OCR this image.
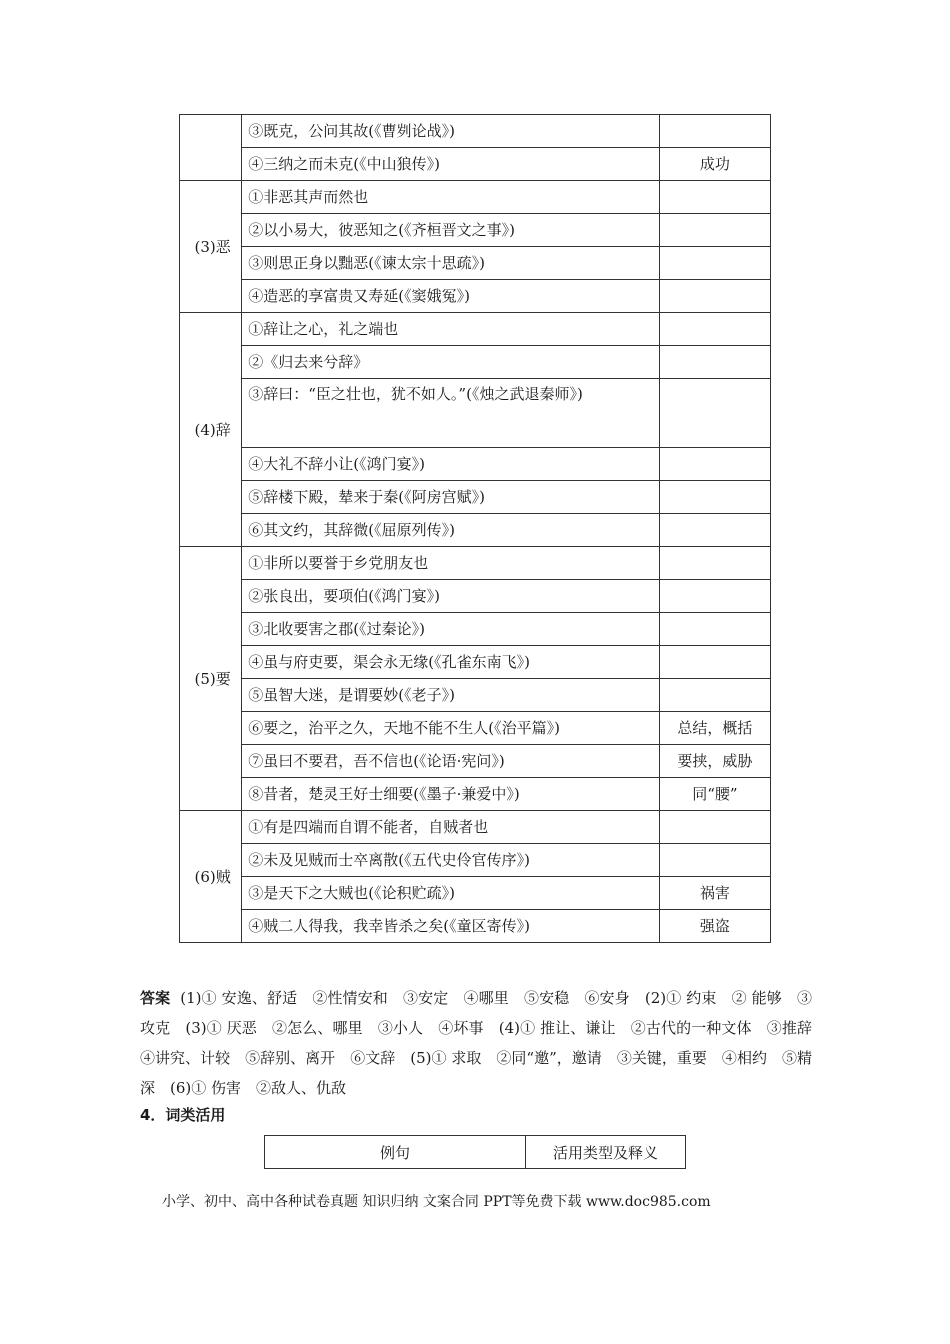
	③既克，公问其故(《曹刿论战》)	
	④三纳之而未克(《中山狼传》)	成功
(3)恶	①非恶其声而然也	
	②以小易大，彼恶知之(《齐桓晋文之事》)	
	③则思正身以黜恶(《谏太宗十思疏》)	
	④造恶的享富贵又寿延(《窦娥冤》)	
(4)辞	①辞让之心，礼之端也	
	②《归去来兮辞》	
	③辞曰：“臣之壮也，犹不如人。”(《烛之武退秦师》)	
	④大礼不辞小让(《鸿门宴》)	
	⑤辞楼下殿，辇来于秦(《阿房宫赋》)	
	⑥其文约，其辞微(《屈原列传》)	
(5)要	①非所以要誉于乡党朋友也	
	②张良出，要项伯(《鸿门宴》)	
	③北收要害之郡(《过秦论》)	
	④虽与府吏要，渠会永无缘(《孔雀东南飞》)	
	⑤虽智大迷，是谓要妙(《老子》)	
	⑥要之，治平之久，天地不能不生人(《治平篇》)	总结，概括
	⑦虽曰不要君，吾不信也(《论语·宪问》)	要挟，威胁
	⑧昔者，楚灵王好士细要(《墨子·兼爱中》)	同“腰”
(6)贼	①有是四端而自谓不能者，自贼者也	
	②未及见贼而士卒离散(《五代史伶官传序》)	
	③是天下之大贼也(《论积贮疏》)	祸害
	④贼二人得我，我幸皆杀之矣(《童区寄传》)	强盗
答案 (1)① 安逸、舒适　②性情安和　③安定　④哪里　⑤安稳　⑥安身　(2)① 约束　② 能够　③攻克　(3)① 厌恶　②怎么、哪里　③小人　④坏事　(4)① 推让、谦让　②古代的一种文体　③推辞　④讲究、计较　⑤辞别、离开　⑥文辞　(5)① 求取　②同“邀”，邀请　③关键，重要　④相约　⑤精深　(6)① 伤害　②敌人、仇敌
4．词类活用
例句	活用类型及释义
小学、初中、高中各种试卷真题 知识归纳 文案合同 PPT等免费下载 www.doc985.com
